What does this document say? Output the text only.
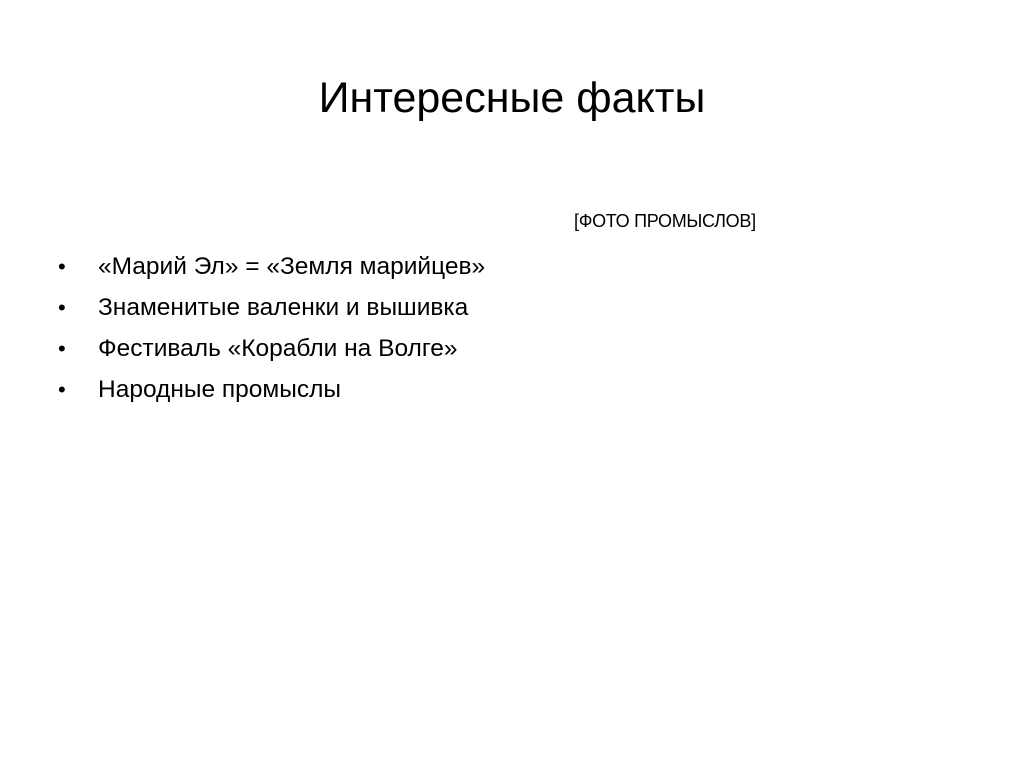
Интересные факты
[ФОТО ПРОМЫСЛОВ]
•	«Марий Эл» = «Земля марийцев»
•	Знаменитые валенки и вышивка
•	Фестиваль «Корабли на Волге»
•	Народные промыслы
